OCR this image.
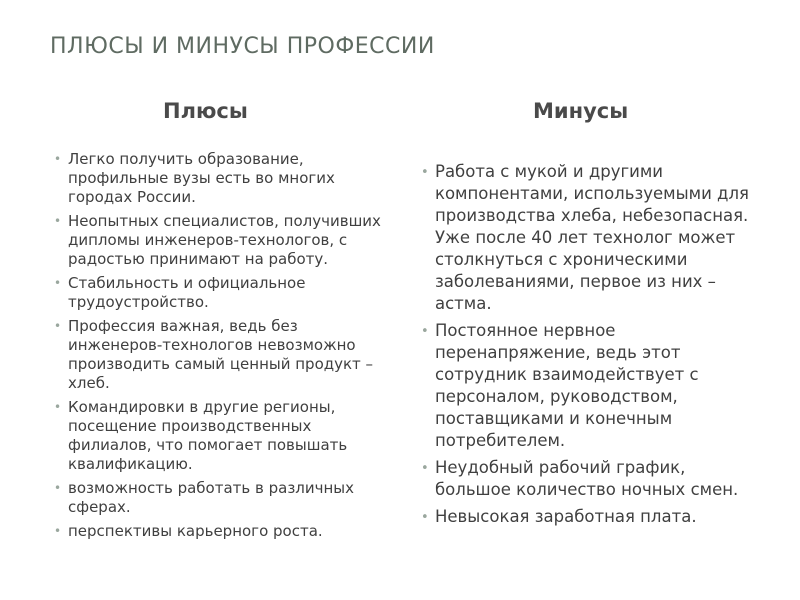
ПЛЮСЫ И МИНУСЫ ПРОФЕССИИ
Плюсы	Минусы
• Легко получить образование, профильные вузы есть во многих городах России.
• Неопытных специалистов, получивших дипломы инженеров-технологов, с радостью принимают на работу.
• Стабильность и официальное трудоустройство.
• Профессия важная, ведь без инженеров-технологов невозможно производить самый ценный продукт – хлеб.
• Командировки в другие регионы, посещение производственных филиалов, что помогает повышать квалификацию.
• возможность работать в различных сферах.
• перспективы карьерного роста.
• Работа с мукой и другими компонентами, используемыми для производства хлеба, небезопасная. Уже после 40 лет технолог может столкнуться с хроническими заболеваниями, первое из них – астма.
• Постоянное нервное перенапряжение, ведь этот сотрудник взаимодействует с персоналом, руководством, поставщиками и конечным потребителем.
• Неудобный рабочий график, большое количество ночных смен.
• Невысокая заработная плата.
